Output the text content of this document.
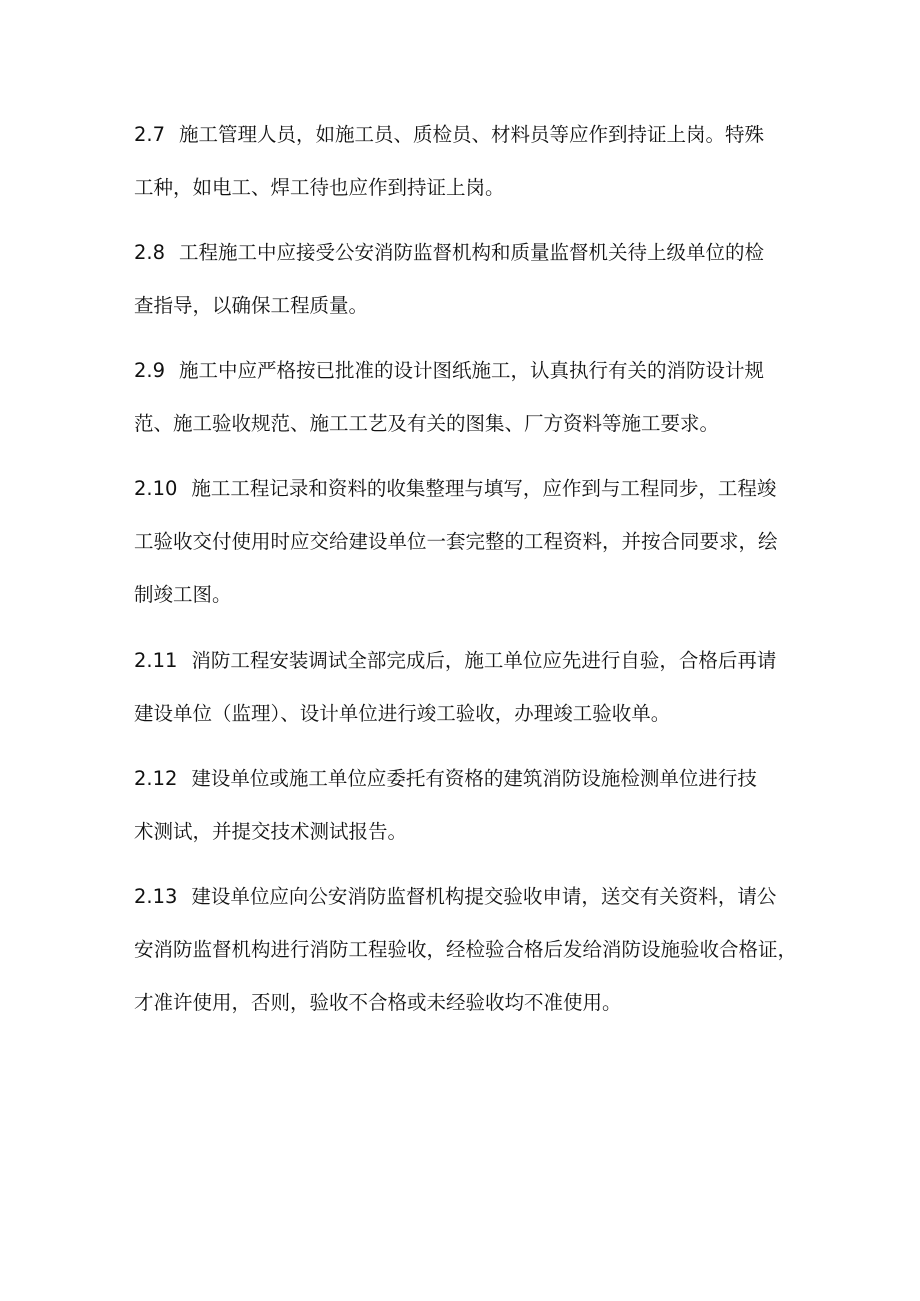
2.7 施工管理人员，如施工员、质检员、材料员等应作到持证上岗。特殊
工种，如电工、焊工待也应作到持证上岗。

2.8 工程施工中应接受公安消防监督机构和质量监督机关待上级单位的检
查指导，以确保工程质量。

2.9 施工中应严格按已批准的设计图纸施工，认真执行有关的消防设计规
范、施工验收规范、施工工艺及有关的图集、厂方资料等施工要求。

2.10 施工工程记录和资料的收集整理与填写，应作到与工程同步，工程竣
工验收交付使用时应交给建设单位一套完整的工程资料，并按合同要求，绘
制竣工图。

2.11 消防工程安装调试全部完成后，施工单位应先进行自验，合格后再请
建设单位（监理）、设计单位进行竣工验收，办理竣工验收单。

2.12 建设单位或施工单位应委托有资格的建筑消防设施检测单位进行技
术测试，并提交技术测试报告。

2.13 建设单位应向公安消防监督机构提交验收申请，送交有关资料，请公
安消防监督机构进行消防工程验收，经检验合格后发给消防设施验收合格证，
才准许使用，否则，验收不合格或未经验收均不准使用。
